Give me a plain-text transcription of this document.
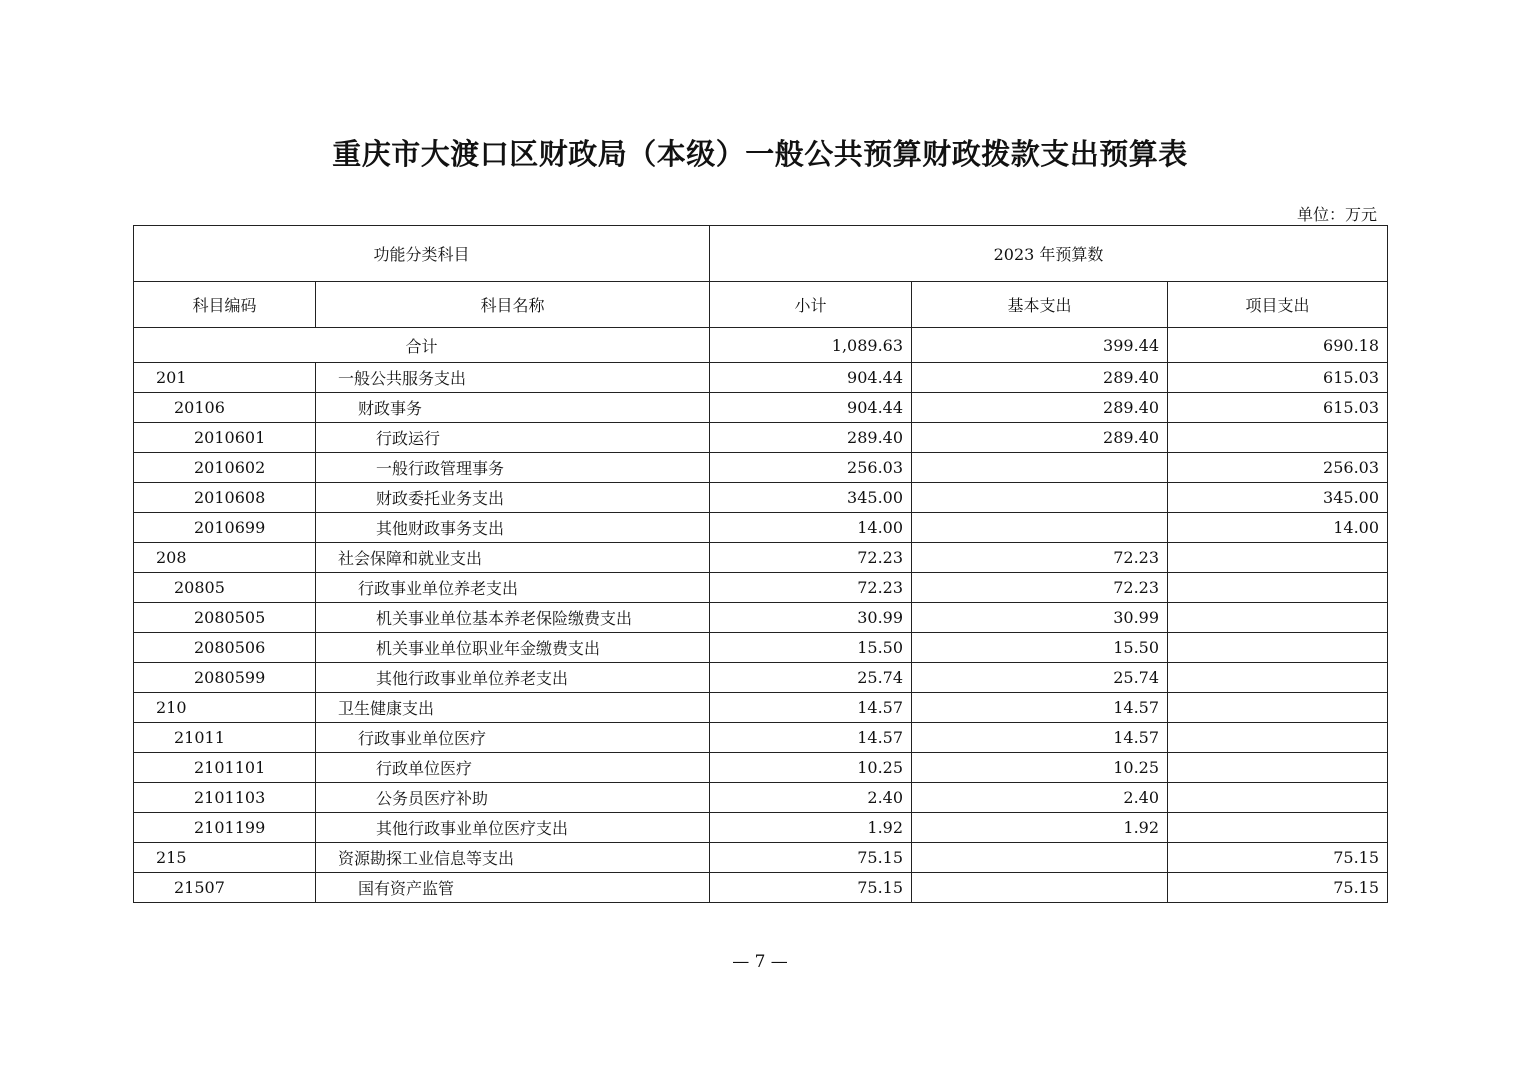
重庆市大渡口区财政局（本级）一般公共预算财政拨款支出预算表
单位：万元
功能分类科目		2023 年预算数		
科目编码	科目名称	小计	基本支出	项目支出
合计		1,089.63	399.44	690.18
201	一般公共服务支出	904.44	289.40	615.03
20106	财政事务	904.44	289.40	615.03
2010601	行政运行	289.40	289.40	
2010602	一般行政管理事务	256.03		256.03
2010608	财政委托业务支出	345.00		345.00
2010699	其他财政事务支出	14.00		14.00
208	社会保障和就业支出	72.23	72.23	
20805	行政事业单位养老支出	72.23	72.23	
2080505	机关事业单位基本养老保险缴费支出	30.99	30.99	
2080506	机关事业单位职业年金缴费支出	15.50	15.50	
2080599	其他行政事业单位养老支出	25.74	25.74	
210	卫生健康支出	14.57	14.57	
21011	行政事业单位医疗	14.57	14.57	
2101101	行政单位医疗	10.25	10.25	
2101103	公务员医疗补助	2.40	2.40	
2101199	其他行政事业单位医疗支出	1.92	1.92	
215	资源勘探工业信息等支出	75.15		75.15
21507	国有资产监管	75.15		75.15
— 7 —
